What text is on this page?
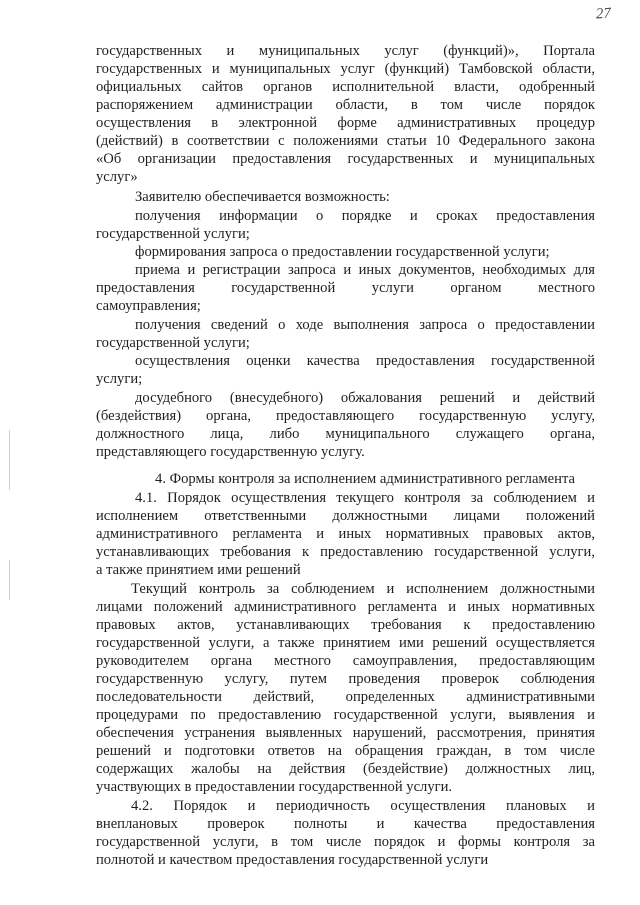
27
государственных и муниципальных услуг (функций)», Портала
государственных и муниципальных услуг (функций) Тамбовской области,
официальных сайтов органов исполнительной власти, одобренный
распоряжением администрации области, в том числе порядок
осуществления в электронной форме административных процедур
(действий) в соответствии с положениями статьи 10 Федерального закона
«Об организации предоставления государственных и муниципальных
услуг»
Заявителю обеспечивается возможность:
получения информации о порядке и сроках предоставления
государственной услуги;
формирования запроса о предоставлении государственной услуги;
приема и регистрации запроса и иных документов, необходимых для
предоставления государственной услуги органом местного
самоуправления;
получения сведений о ходе выполнения запроса о предоставлении
государственной услуги;
осуществления оценки качества предоставления государственной
услуги;
досудебного (внесудебного) обжалования решений и действий
(бездействия) органа, предоставляющего государственную услугу,
должностного лица, либо муниципального служащего органа,
представляющего государственную услугу.
4. Формы контроля за исполнением административного регламента
4.1. Порядок осуществления текущего контроля за соблюдением и
исполнением ответственными должностными лицами положений
административного регламента и иных нормативных правовых актов,
устанавливающих требования к предоставлению государственной услуги,
а также принятием ими решений
Текущий контроль за соблюдением и исполнением должностными
лицами положений административного регламента и иных нормативных
правовых актов, устанавливающих требования к предоставлению
государственной услуги, а также принятием ими решений осуществляется
руководителем органа местного самоуправления, предоставляющим
государственную услугу, путем проведения проверок соблюдения
последовательности действий, определенных административными
процедурами по предоставлению государственной услуги, выявления и
обеспечения устранения выявленных нарушений, рассмотрения, принятия
решений и подготовки ответов на обращения граждан, в том числе
содержащих жалобы на действия (бездействие) должностных лиц,
участвующих в предоставлении государственной услуги.
4.2. Порядок и периодичность осуществления плановых и
внеплановых проверок полноты и качества предоставления
государственной услуги, в том числе порядок и формы контроля за
полнотой и качеством предоставления государственной услуги
